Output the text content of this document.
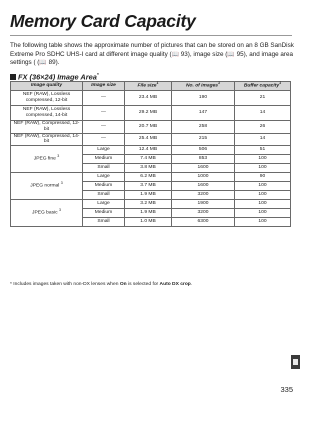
Memory Card Capacity

The following table shows the approximate number of pictures that can be stored on an 8 GB SanDisk Extreme Pro SDHC UHS-I card at different image quality (📖 93), image size (📖 95), and image area settings ( (📖 89).

FX (36×24) Image Area*
Image quality	Image size	File size$^1$	No. of images$^1$	Buffer capacity$^1$
NEF (RAW), Lossless compressed, 12-bit	—	23.4 MB	190	21
NEF (RAW), Lossless compressed, 14-bit	—	29.2 MB	147	14
NEF (RAW), Compressed, 12-bit	—	20.7 MB	258	26
NEF (RAW), Compressed, 14-bit	—	25.4 MB	215	14
JPEG fine $^3$	Large	12.4 MB	506	51
	Medium	7.4 MB	853	100
	Small	3.8 MB	1600	100
JPEG normal $^3$	Large	6.2 MB	1000	90
	Medium	3.7 MB	1600	100
	Small	1.9 MB	3200	100
JPEG basic $^3$	Large	3.2 MB	1900	100
	Medium	1.9 MB	3200	100
	Small	1.0 MB	6300	100
* Includes images taken with non-DX lenses when On is selected for Auto DX crop.
335
